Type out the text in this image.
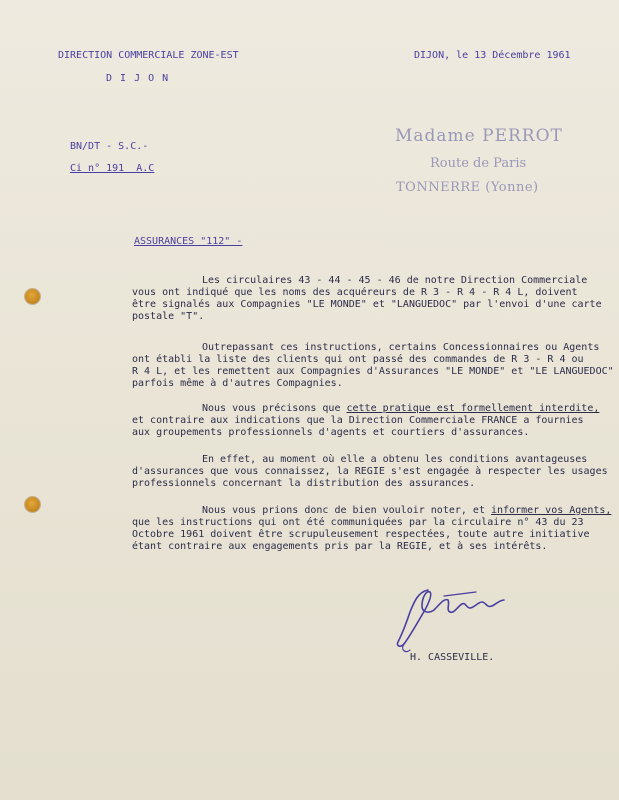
DIRECTION COMMERCIALE ZONE-EST
D I J O N
DIJON, le 13 Décembre 1961
BN/DT - S.C.-
Ci n° 191  A.C
Madame PERROT
Route de Paris
TONNERRE (Yonne)
ASSURANCES "112" -
Les circulaires 43 - 44 - 45 - 46 de notre Direction Commerciale
vous ont indiqué que les noms des acquéreurs de R 3 - R 4 - R 4 L, doivent
être signalés aux Compagnies "LE MONDE" et "LANGUEDOC" par l'envoi d'une carte
postale "T".
Outrepassant ces instructions, certains Concessionnaires ou Agents
ont établi la liste des clients qui ont passé des commandes de R 3 - R 4 ou
R 4 L, et les remettent aux Compagnies d'Assurances "LE MONDE" et "LE LANGUEDOC"
parfois même à d'autres Compagnies.
Nous vous précisons que cette pratique est formellement interdite,
et contraire aux indications que la Direction Commerciale FRANCE a fournies
aux groupements professionnels d'agents et courtiers d'assurances.
En effet, au moment où elle a obtenu les conditions avantageuses
d'assurances que vous connaissez, la REGIE s'est engagée à respecter les usages
professionnels concernant la distribution des assurances.
Nous vous prions donc de bien vouloir noter, et informer vos Agents,
que les instructions qui ont été communiquées par la circulaire n° 43 du 23
Octobre 1961 doivent être scrupuleusement respectées, toute autre initiative
étant contraire aux engagements pris par la REGIE, et à ses intérêts.
H. CASSEVILLE.
